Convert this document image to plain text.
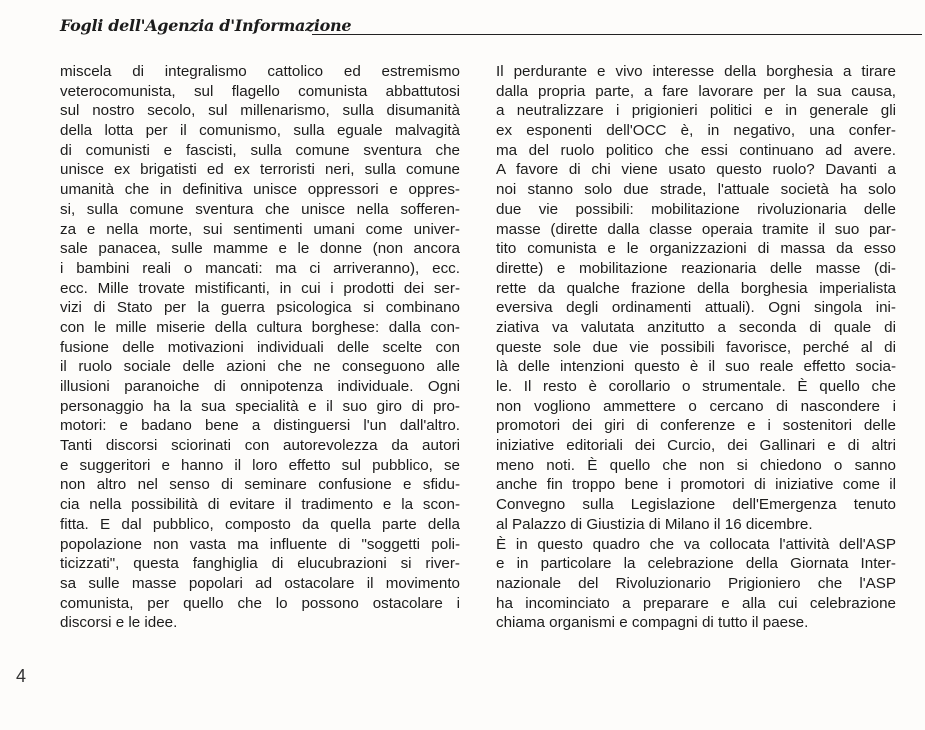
Fogli dell'Agenzia d'Informazione
miscela di integralismo cattolico ed estremismo
veterocomunista, sul flagello comunista abbattutosi
sul nostro secolo, sul millenarismo, sulla disumanità
della lotta per il comunismo, sulla eguale malvagità
di comunisti e fascisti, sulla comune sventura che
unisce ex brigatisti ed ex terroristi neri, sulla comune
umanità che in definitiva unisce oppressori e oppres-
si, sulla comune sventura che unisce nella sofferen-
za e nella morte, sui sentimenti umani come univer-
sale panacea, sulle mamme e le donne (non ancora
i bambini reali o mancati: ma ci arriveranno), ecc.
ecc. Mille trovate mistificanti, in cui i prodotti dei ser-
vizi di Stato per la guerra psicologica si combinano
con le mille miserie della cultura borghese: dalla con-
fusione delle motivazioni individuali delle scelte con
il ruolo sociale delle azioni che ne conseguono alle
illusioni paranoiche di onnipotenza individuale. Ogni
personaggio ha la sua specialità e il suo giro di pro-
motori: e badano bene a distinguersi l'un dall'altro.
Tanti discorsi sciorinati con autorevolezza da autori
e suggeritori e hanno il loro effetto sul pubblico, se
non altro nel senso di seminare confusione e sfidu-
cia nella possibilità di evitare il tradimento e la scon-
fitta. E dal pubblico, composto da quella parte della
popolazione non vasta ma influente di "soggetti poli-
ticizzati", questa fanghiglia di elucubrazioni si river-
sa sulle masse popolari ad ostacolare il movimento
comunista, per quello che lo possono ostacolare i
discorsi e le idee.
Il perdurante e vivo interesse della borghesia a tirare
dalla propria parte, a fare lavorare per la sua causa,
a neutralizzare i prigionieri politici e in generale gli
ex esponenti dell'OCC è, in negativo, una confer-
ma del ruolo politico che essi continuano ad avere.
A favore di chi viene usato questo ruolo? Davanti a
noi stanno solo due strade, l'attuale società ha solo
due vie possibili: mobilitazione rivoluzionaria delle
masse (dirette dalla classe operaia tramite il suo par-
tito comunista e le organizzazioni di massa da esso
dirette) e mobilitazione reazionaria delle masse (di-
rette da qualche frazione della borghesia imperialista
eversiva degli ordinamenti attuali). Ogni singola ini-
ziativa va valutata anzitutto a seconda di quale di
queste sole due vie possibili favorisce, perché al di
là delle intenzioni questo è il suo reale effetto socia-
le. Il resto è corollario o strumentale. È quello che
non vogliono ammettere o cercano di nascondere i
promotori dei giri di conferenze e i sostenitori delle
iniziative editoriali dei Curcio, dei Gallinari e di altri
meno noti. È quello che non si chiedono o sanno
anche fin troppo bene i promotori di iniziative come il
Convegno sulla Legislazione dell'Emergenza tenuto
al Palazzo di Giustizia di Milano il 16 dicembre.
È in questo quadro che va collocata l'attività dell'ASP
e in particolare la celebrazione della Giornata Inter-
nazionale del Rivoluzionario Prigioniero che l'ASP
ha incominciato a preparare e alla cui celebrazione
chiama organismi e compagni di tutto il paese.
4
